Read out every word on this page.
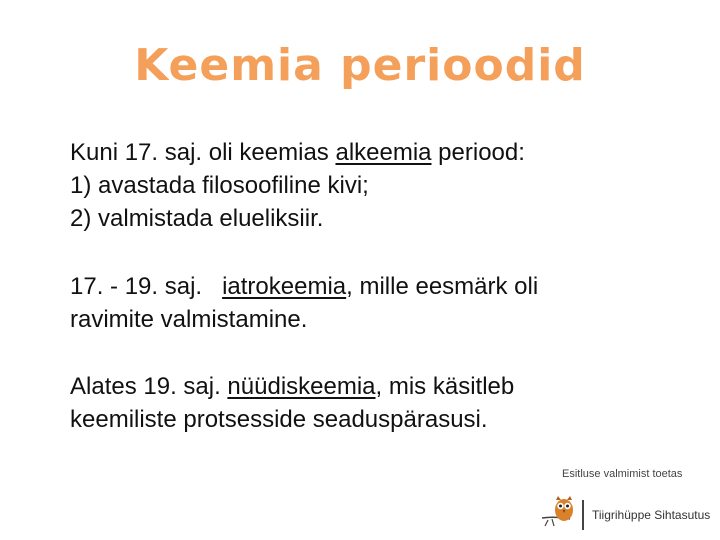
Keemia perioodid
Kuni 17. saj. oli keemias alkeemia periood:
1) avastada filosoofiline kivi;
2) valmistada elueliksiir.
17. - 19. saj.   iatrokeemia, mille eesmärk oli
ravimite valmistamine.
Alates 19. saj. nüüdiskeemia, mis käsitleb
keemiliste protsesside seaduspärasusi.
Esitluse valmimist toetas
Tiigrihüppe Sihtasutus
